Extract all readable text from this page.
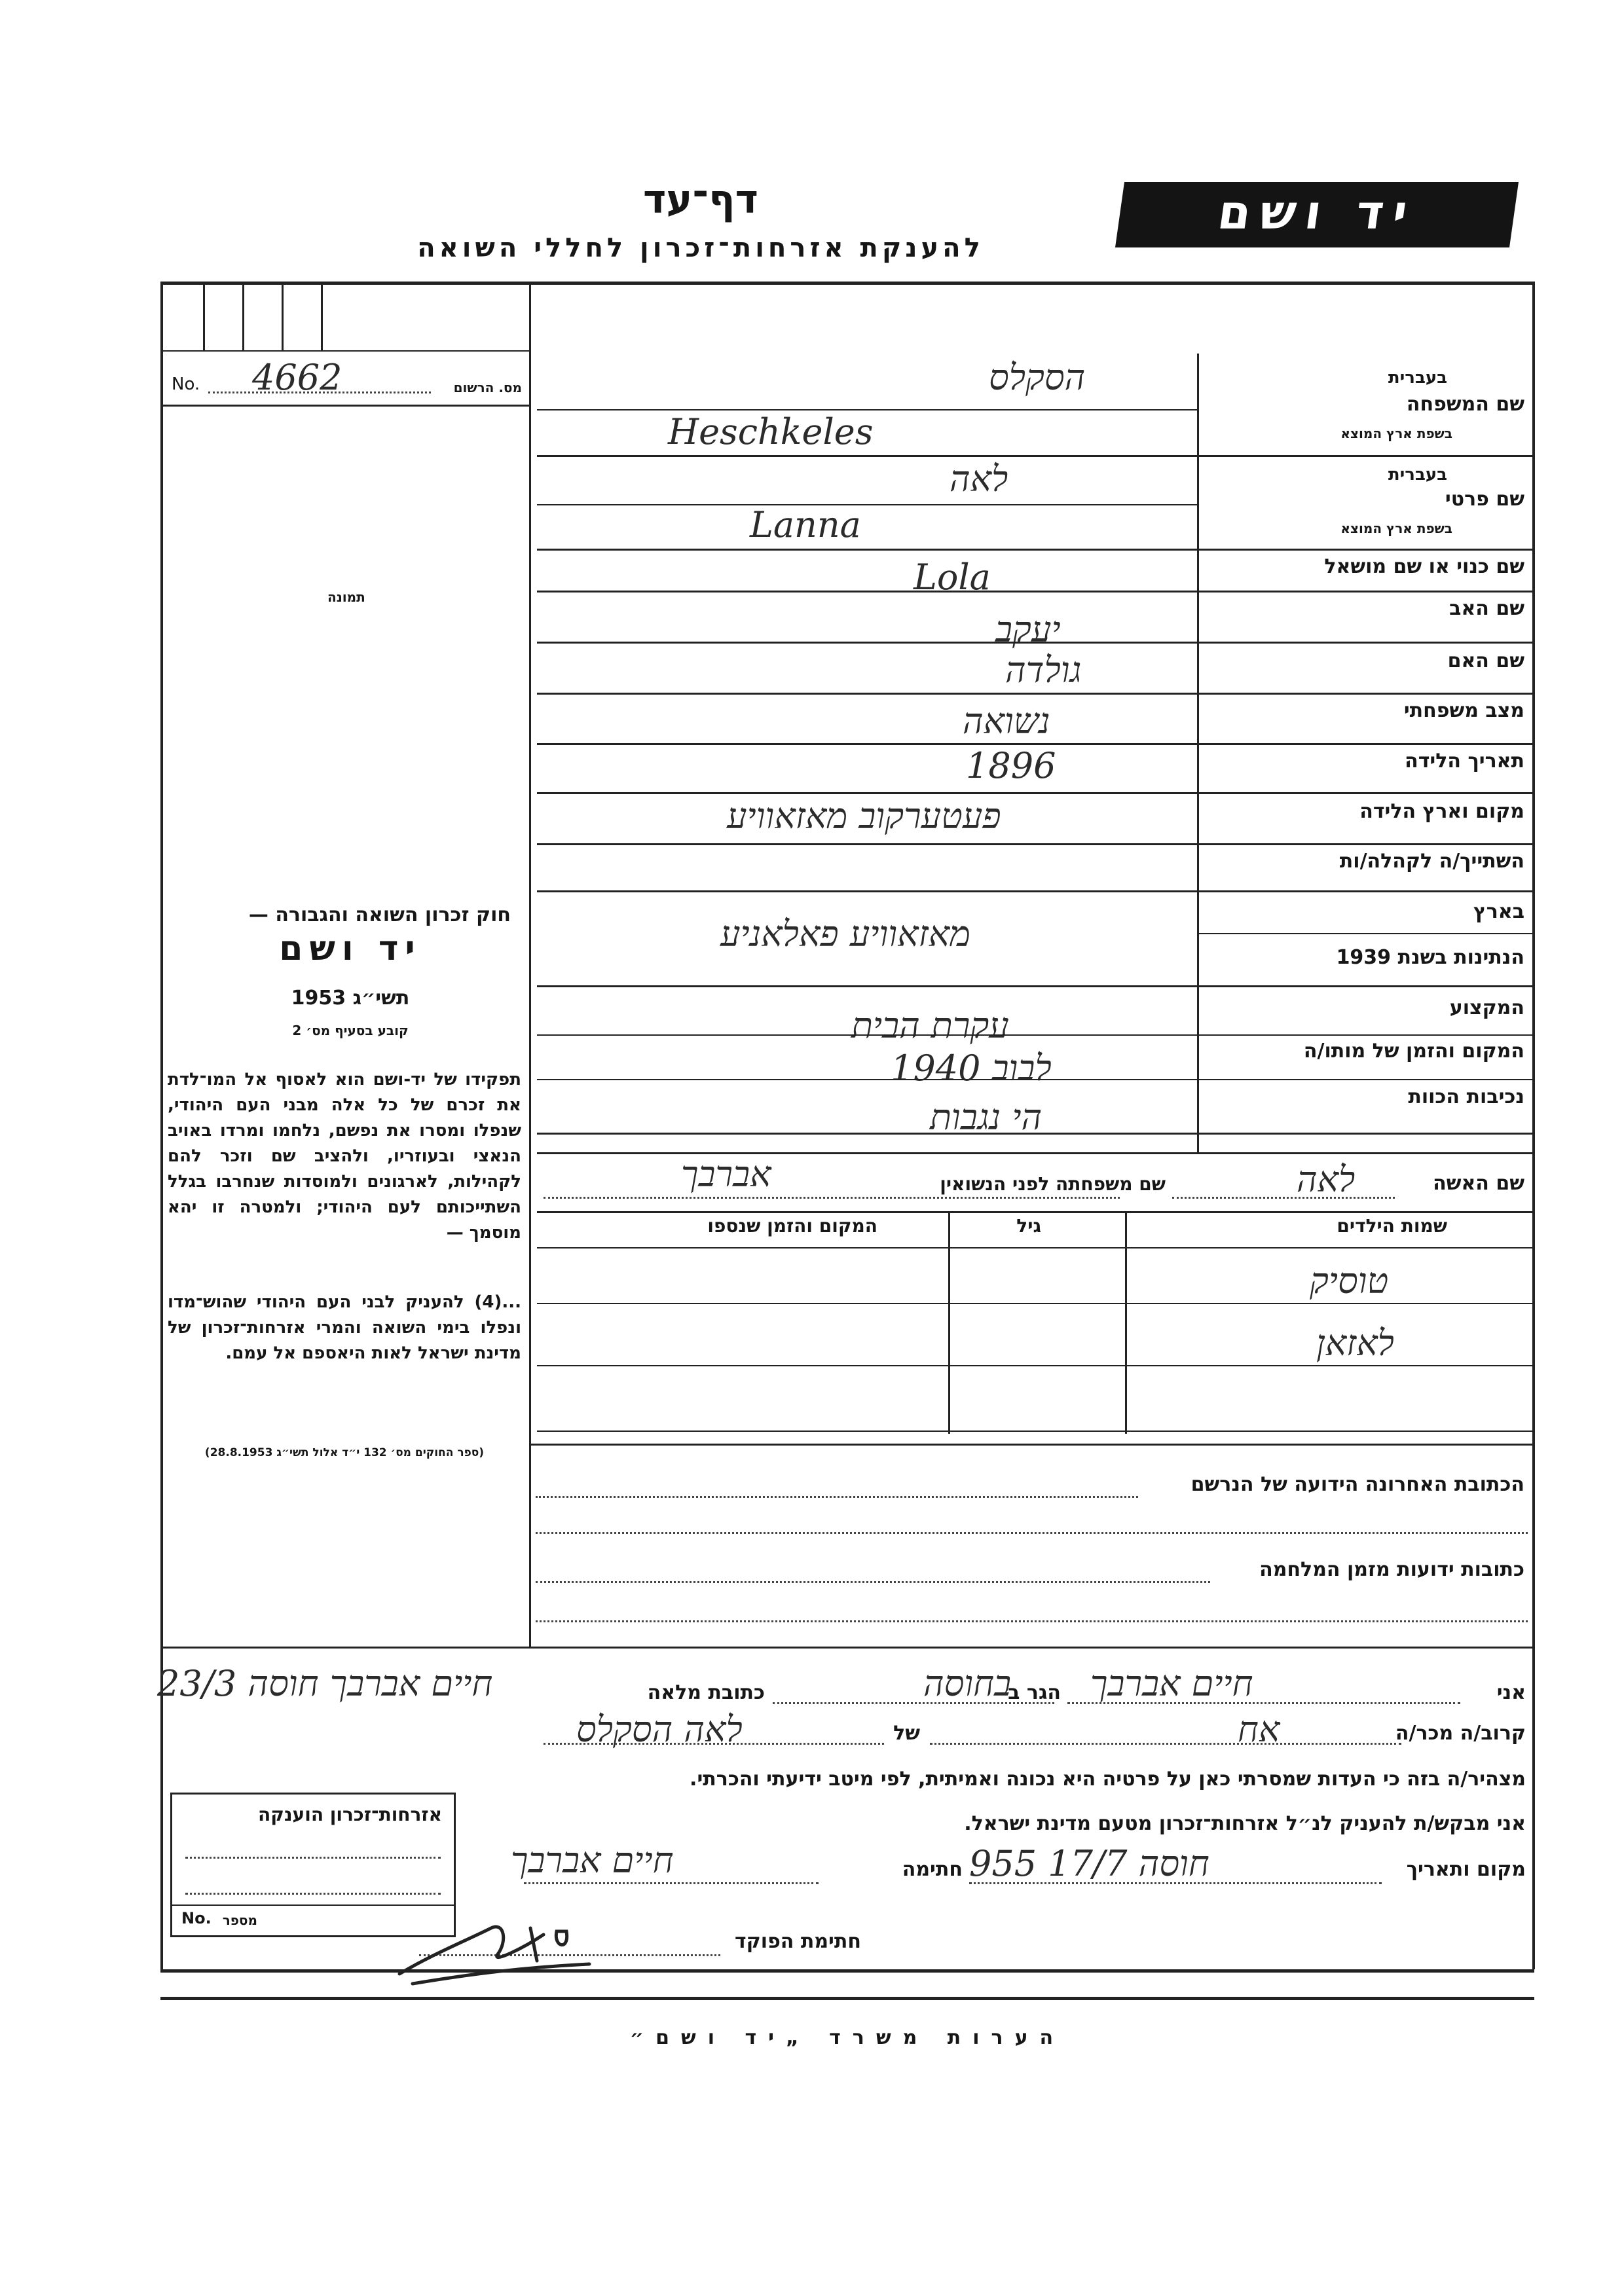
יד ושם
דף־עד
להענקת אזרחות־זכרון לחללי השואה
No. 4662	מס. הרשום
תמונה
חוק זכרון השואה והגבורה —
יד ושם
תשי״ג 1953
קובע בסעיף מס׳ 2
תפקידו של יד-ושם הוא לאסוף אל המו־לדת את זכרם של כל אלה מבני העם היהודי, שנפלו ומסרו את נפשם, נלחמו ומרדו באויב הנאצי ובעוזריו, ולהציב שם וזכר להם לקהילות, לארגונים ולמוסדות שנחרבו בגלל השתייכותם לעם היהודי; ולמטרה זו יהא מוסמך —
...(4) להעניק לבני העם היהודי שהוש־מדו ונפלו בימי השואה והמרי אזרחות־זכרון של מדינת ישראל לאות היאספם אל עמם.
(ספר החוקים מס׳ 132 י״ד אלול תשי״ג 28.8.1953)
שם המשפחה
בעברית
בשפת ארץ המוצא
הסקלס
Heschkeles
שם פרטי
בעברית
בשפת ארץ המוצא
לאה
Lanna
שם כנוי או שם מושאל
Lola
שם האב
יעקב
שם האם
גולדה
מצב משפחתי
נשואה
תאריך הלידה
1896
מקום וארץ הלידה
פעטערקוב מאזאוויע
השתייך/ה לקהלה/ות
בארץ
מאזאוויע פאלאניע
הנתינות בשנת 1939
המקצוע
עקרת הבית
המקום והזמן של מותו/ה
לבוב 1940
נכיבות הכוות
הי נגבות
שם האשה
לאה
שם משפחתה לפני הנשואין
אברבך
שמות הילדים
גיל
המקום והזמן שנספו
טוסיק
לאזאן
הכתובת האחרונה הידועה של הנרשם
כתובות ידועות מזמן המלחמה
אני
חיים אברבך
הגר ב
בחוסה
כתובת מלאה
חיים אברבך חוסה 23/3
קרוב/ה מכר/ה
אח
של
לאה הסקלס
מצהיר/ה בזה כי העדות שמסרתי כאן על פרטיה היא נכונה ואמיתית, לפי מיטב ידיעתי והכרתי.
אני מבקש/ת להעניק לנ״ל אזרחות־זכרון מטעם מדינת ישראל.
מקום ותאריך
חוסה 17/7 955
חתימה
חיים אברבך
חתימת הפוקד
אזרחות־זכרון הוענקה
No. מספר
הערות משרד „יד ושם״
